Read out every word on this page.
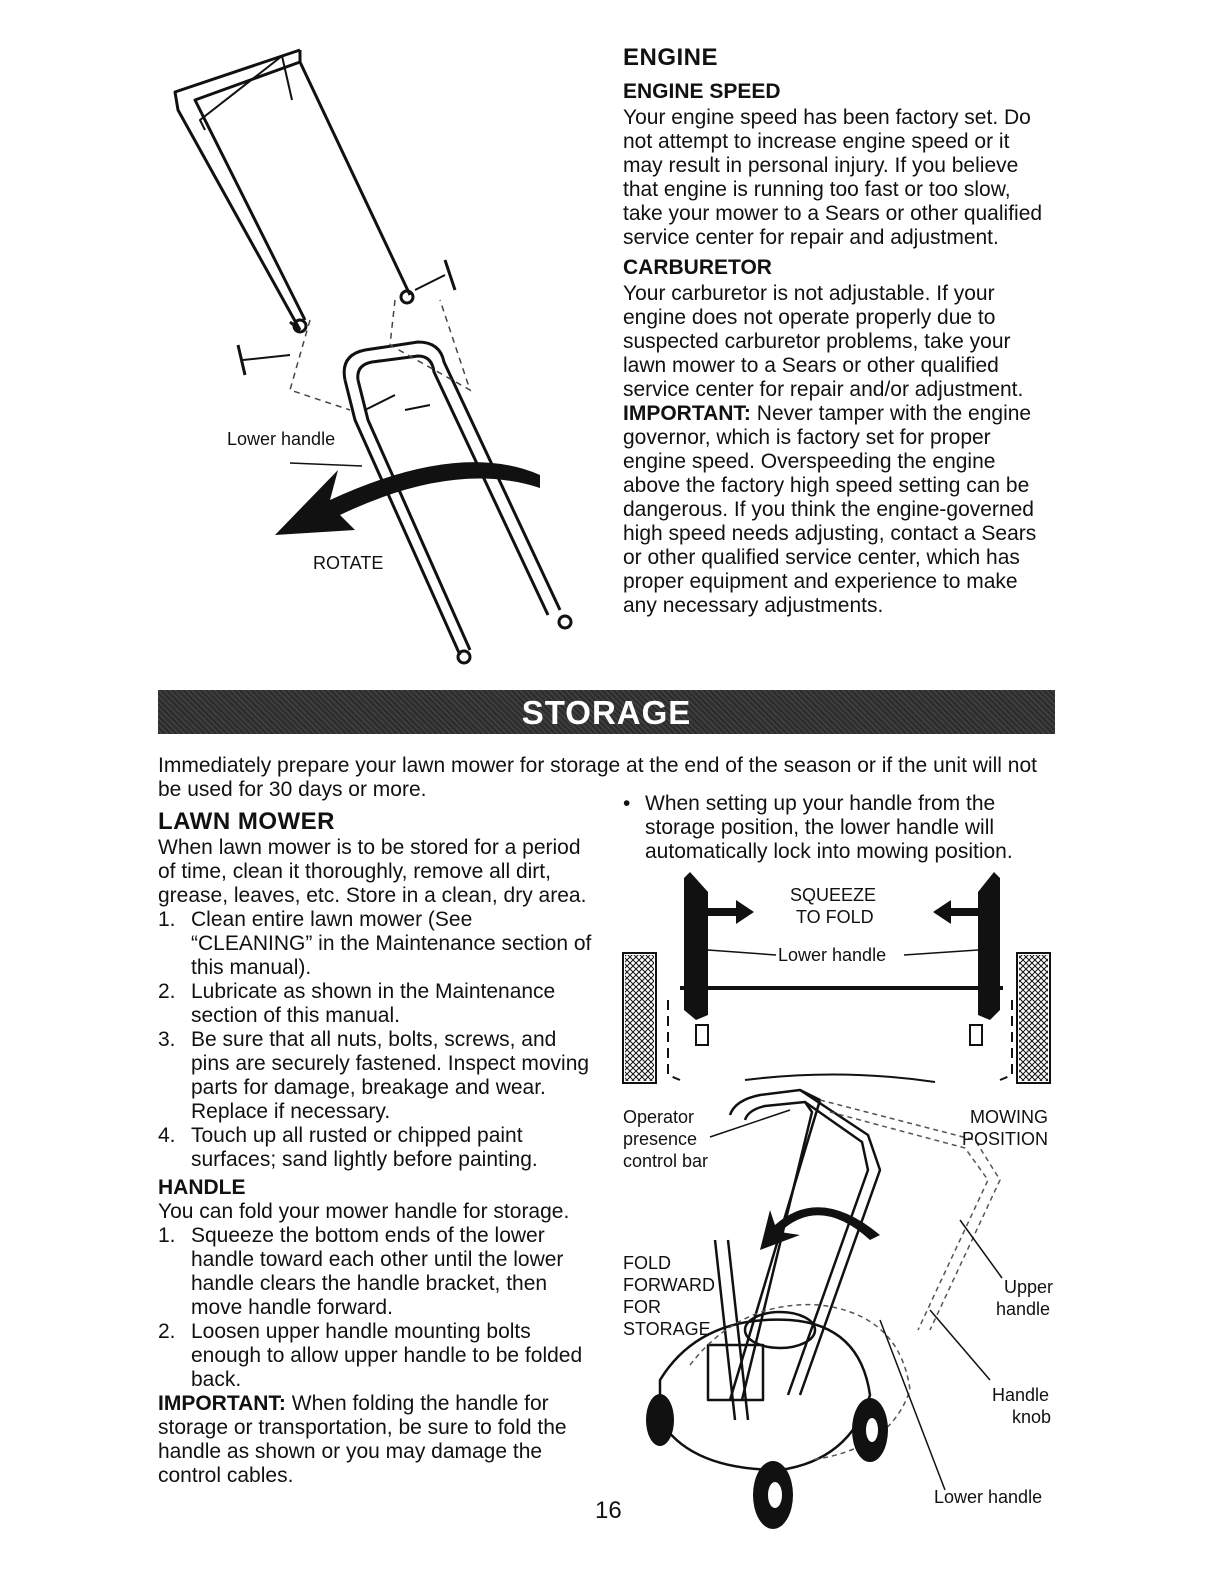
Lower handle
ROTATE
ENGINE
ENGINE SPEED

Your engine speed has been factory set. Do not attempt to increase engine speed or it may result in personal injury. If you believe that engine is running too fast or too slow, take your mower to a Sears or other qualified service center for repair and adjustment.

CARBURETOR

Your carburetor is not adjustable. If your engine does not operate properly due to suspected carburetor problems, take your lawn mower to a Sears or other qualified service center for repair and/or adjustment.

IMPORTANT: Never tamper with the engine governor, which is factory set for proper engine speed. Overspeeding the engine above the factory high speed setting can be dangerous. If you think the engine-governed high speed needs adjusting, contact a Sears or other qualified service center, which has proper equipment and experience to make any necessary adjustments.

STORAGE

Immediately prepare your lawn mower for storage at the end of the season or if the unit will not be used for 30 days or more.

LAWN MOWER

When lawn mower is to be stored for a period of time, clean it thoroughly, remove all dirt, grease, leaves, etc. Store in a clean, dry area.

1. Clean entire lawn mower (See “CLEANING” in the Maintenance section of this manual).
2. Lubricate as shown in the Maintenance section of this manual.
3. Be sure that all nuts, bolts, screws, and pins are securely fastened. Inspect moving parts for damage, breakage and wear. Replace if necessary.
4. Touch up all rusted or chipped paint surfaces; sand lightly before painting.
HANDLE

You can fold your mower handle for storage.

1. Squeeze the bottom ends of the lower handle toward each other until the lower handle clears the handle bracket, then move handle forward.
2. Loosen upper handle mounting bolts enough to allow upper handle to be folded back.

IMPORTANT: When folding the handle for storage or transportation, be sure to fold the handle as shown or you may damage the control cables.

• When setting up your handle from the storage position, the lower handle will automatically lock into mowing position.

SQUEEZE
TO FOLD
Lower handle
Operator
presence
control bar
MOWING
POSITION
FOLD
FORWARD
FOR
STORAGE
Upper
handle
Handle
knob
Lower handle
16
